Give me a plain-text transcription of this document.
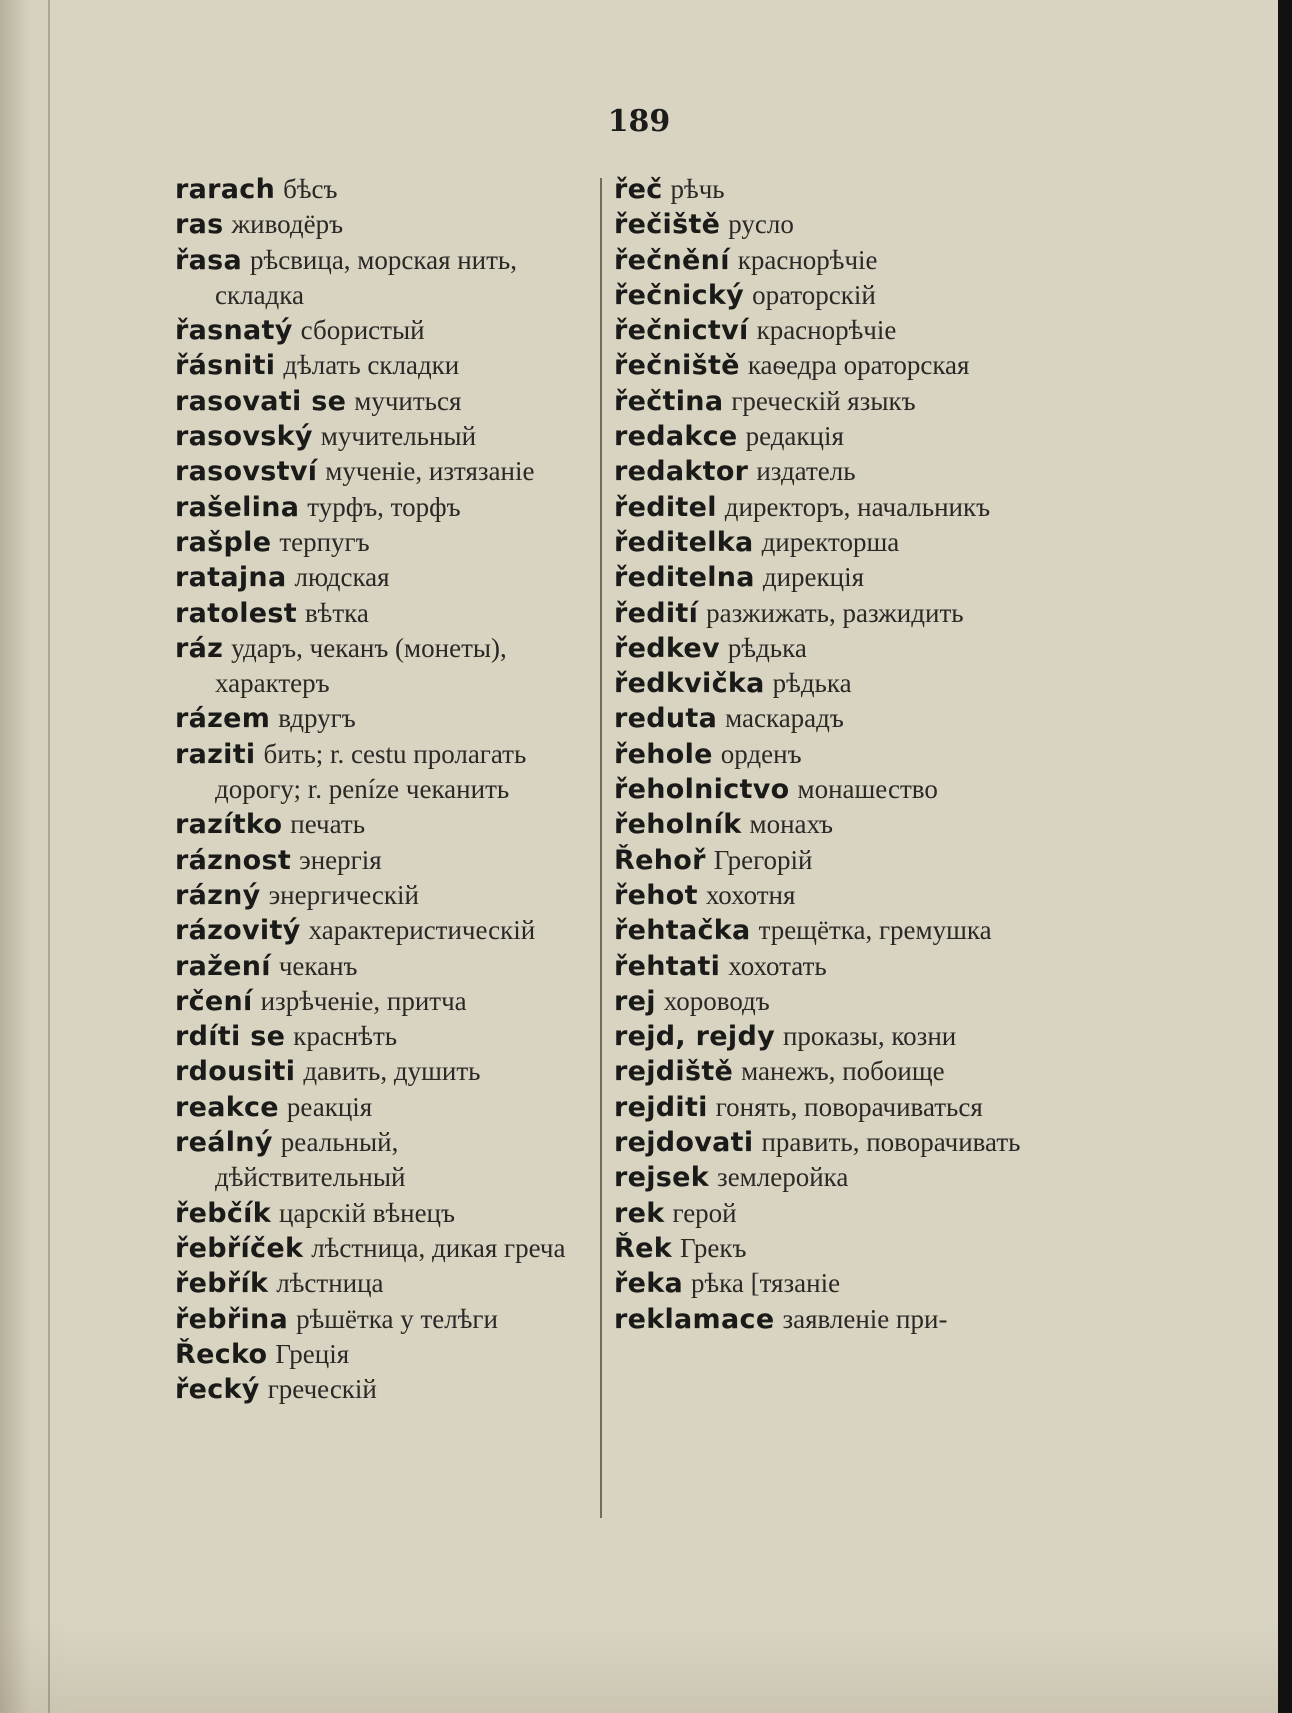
189
rarach бѣсъ
ras живодёръ
řasa рѣсвица, морская нить, складка
řasnatý сбористый
řásniti дѣлать складки
rasovati se мучиться
rasovský мучительный
rasovství мученіе, изтязаніе
rašelina турфъ, торфъ
rašple терпугъ
ratajna людская
ratolest вѣтка
ráz ударъ, чеканъ (монеты), характеръ
rázem вдругъ
raziti бить; r. cestu пролагать дорогу; r. peníze чеканить
razítko печать
ráznost энергія
rázný энергическій
rázovitý характеристическій
ražení чеканъ
rčení изрѣченіе, притча
rdíti se краснѣть
rdousiti давить, душить
reakce реакція
reálný реальный, дѣйствительный
řebčík царскій вѣнецъ
řebříček лѣстница, дикая греча
řebřík лѣстница
řebřina рѣшётка у телѣги
Řecko Греція
řecký греческій
řeč рѣчь
řečiště русло
řečnění краснорѣчіе
řečnický ораторскій
řečnictví краснорѣчіе
řečniště каѳедра ораторская
řečtina греческій языкъ
redakce редакція
redaktor издатель
ředitel директоръ, начальникъ
ředitelka директорша
ředitelna дирекція
ředití разжижать, разжидить
ředkev рѣдька
ředkvička рѣдька
reduta маскарадъ
řehole орденъ
řeholnictvo монашество
řeholník монахъ
Řehoř Грегорій
řehot хохотня
řehtačka трещётка, гремушка
řehtati хохотать
rej хороводъ
rejd, rejdy проказы, козни
rejdiště манежъ, побоище
rejditi гонять, поворачиваться
rejdovati править, поворачивать
rejsek землеройка
rek герой
Řek Грекъ
řeka рѣка [тязаніе
reklamace заявленіе при-
